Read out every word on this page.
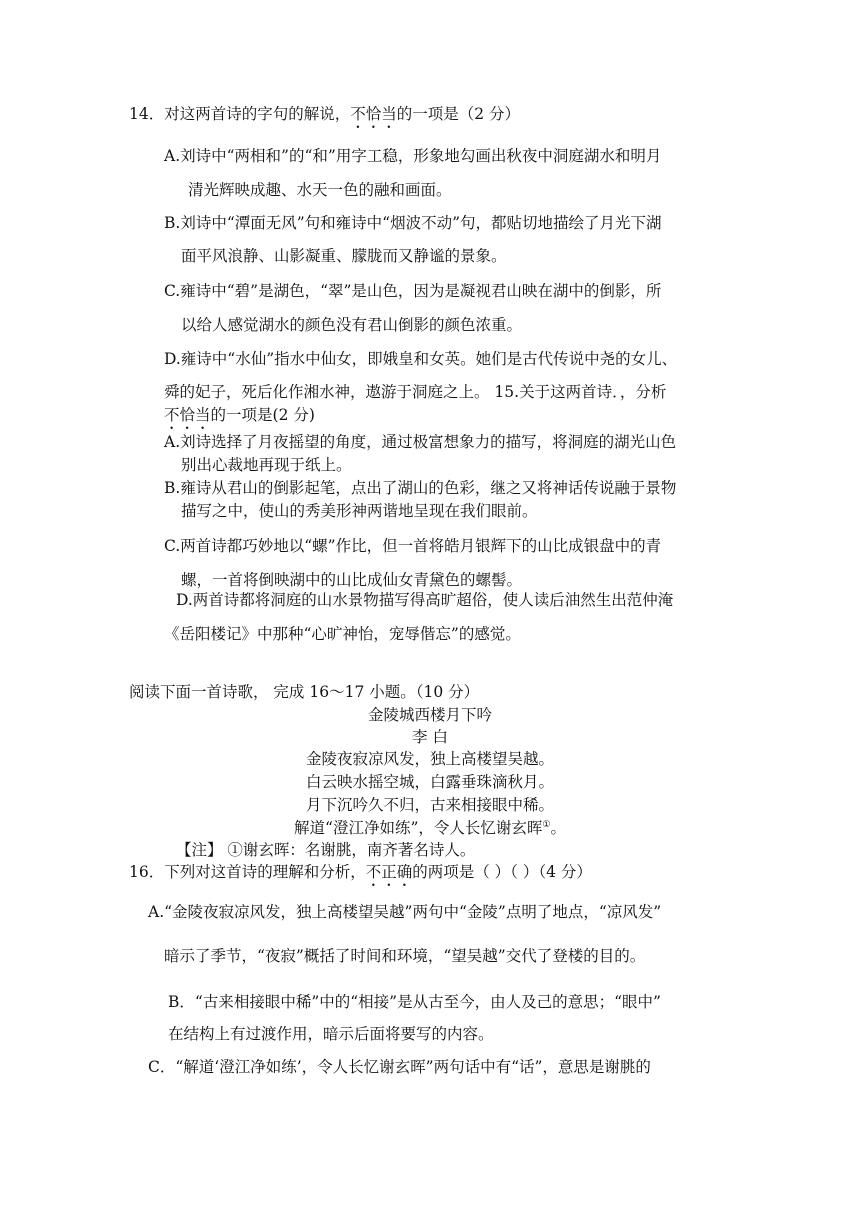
14．对这两首诗的字句的解说，不恰当的一项是（2 分）
A.刘诗中“两相和”的“和”用字工稳，形象地勾画出秋夜中洞庭湖水和明月
清光辉映成趣、水天一色的融和画面。
B.刘诗中“潭面无风”句和雍诗中“烟波不动”句，都贴切地描绘了月光下湖
面平风浪静、山影凝重、朦胧而又静谧的景象。
C.雍诗中“碧”是湖色，“翠”是山色，因为是凝视君山映在湖中的倒影，所
以给人感觉湖水的颜色没有君山倒影的颜色浓重。
D.雍诗中“水仙”指水中仙女，即娥皇和女英。她们是古代传说中尧的女儿、
舜的妃子，死后化作湘水神，遨游于洞庭之上。 15.关于这两首诗．，分析
不恰当的一项是(2 分)
A.刘诗选择了月夜摇望的角度，通过极富想象力的描写，将洞庭的湖光山色
别出心裁地再现于纸上。
B.雍诗从君山的倒影起笔，点出了湖山的色彩，继之又将神话传说融于景物
描写之中，使山的秀美形神两谐地呈现在我们眼前。
C.两首诗都巧妙地以“螺”作比，但一首将皓月银辉下的山比成银盘中的青
螺，一首将倒映湖中的山比成仙女青黛色的螺髻。
D.两首诗都将洞庭的山水景物描写得高旷超俗，使人读后油然生出范仲淹
《岳阳楼记》中那种“心旷神怡，宠辱偕忘”的感觉。
阅读下面一首诗歌， 完成 16～17 小题。（10 分）
金陵城西楼月下吟
李 白
金陵夜寂凉风发，独上高楼望吴越。
白云映水摇空城，白露垂珠滴秋月。
月下沉吟久不归，古来相接眼中稀。
解道“澄江净如练”，令人长忆谢玄晖①。
【注】 ①谢玄晖：名谢朓，南齐著名诗人。
16．下列对这首诗的理解和分析，不正确的两项是（ ）（ ）（4 分）
A.“金陵夜寂凉风发，独上高楼望吴越”两句中“金陵”点明了地点，“凉风发”
暗示了季节，“夜寂”概括了时间和环境，“望吴越”交代了登楼的目的。
B．“古来相接眼中稀”中的“相接”是从古至今，由人及己的意思；“眼中”
在结构上有过渡作用，暗示后面将要写的内容。
C．“解道‘澄江净如练’，令人长忆谢玄晖”两句话中有“话”，意思是谢朓的
